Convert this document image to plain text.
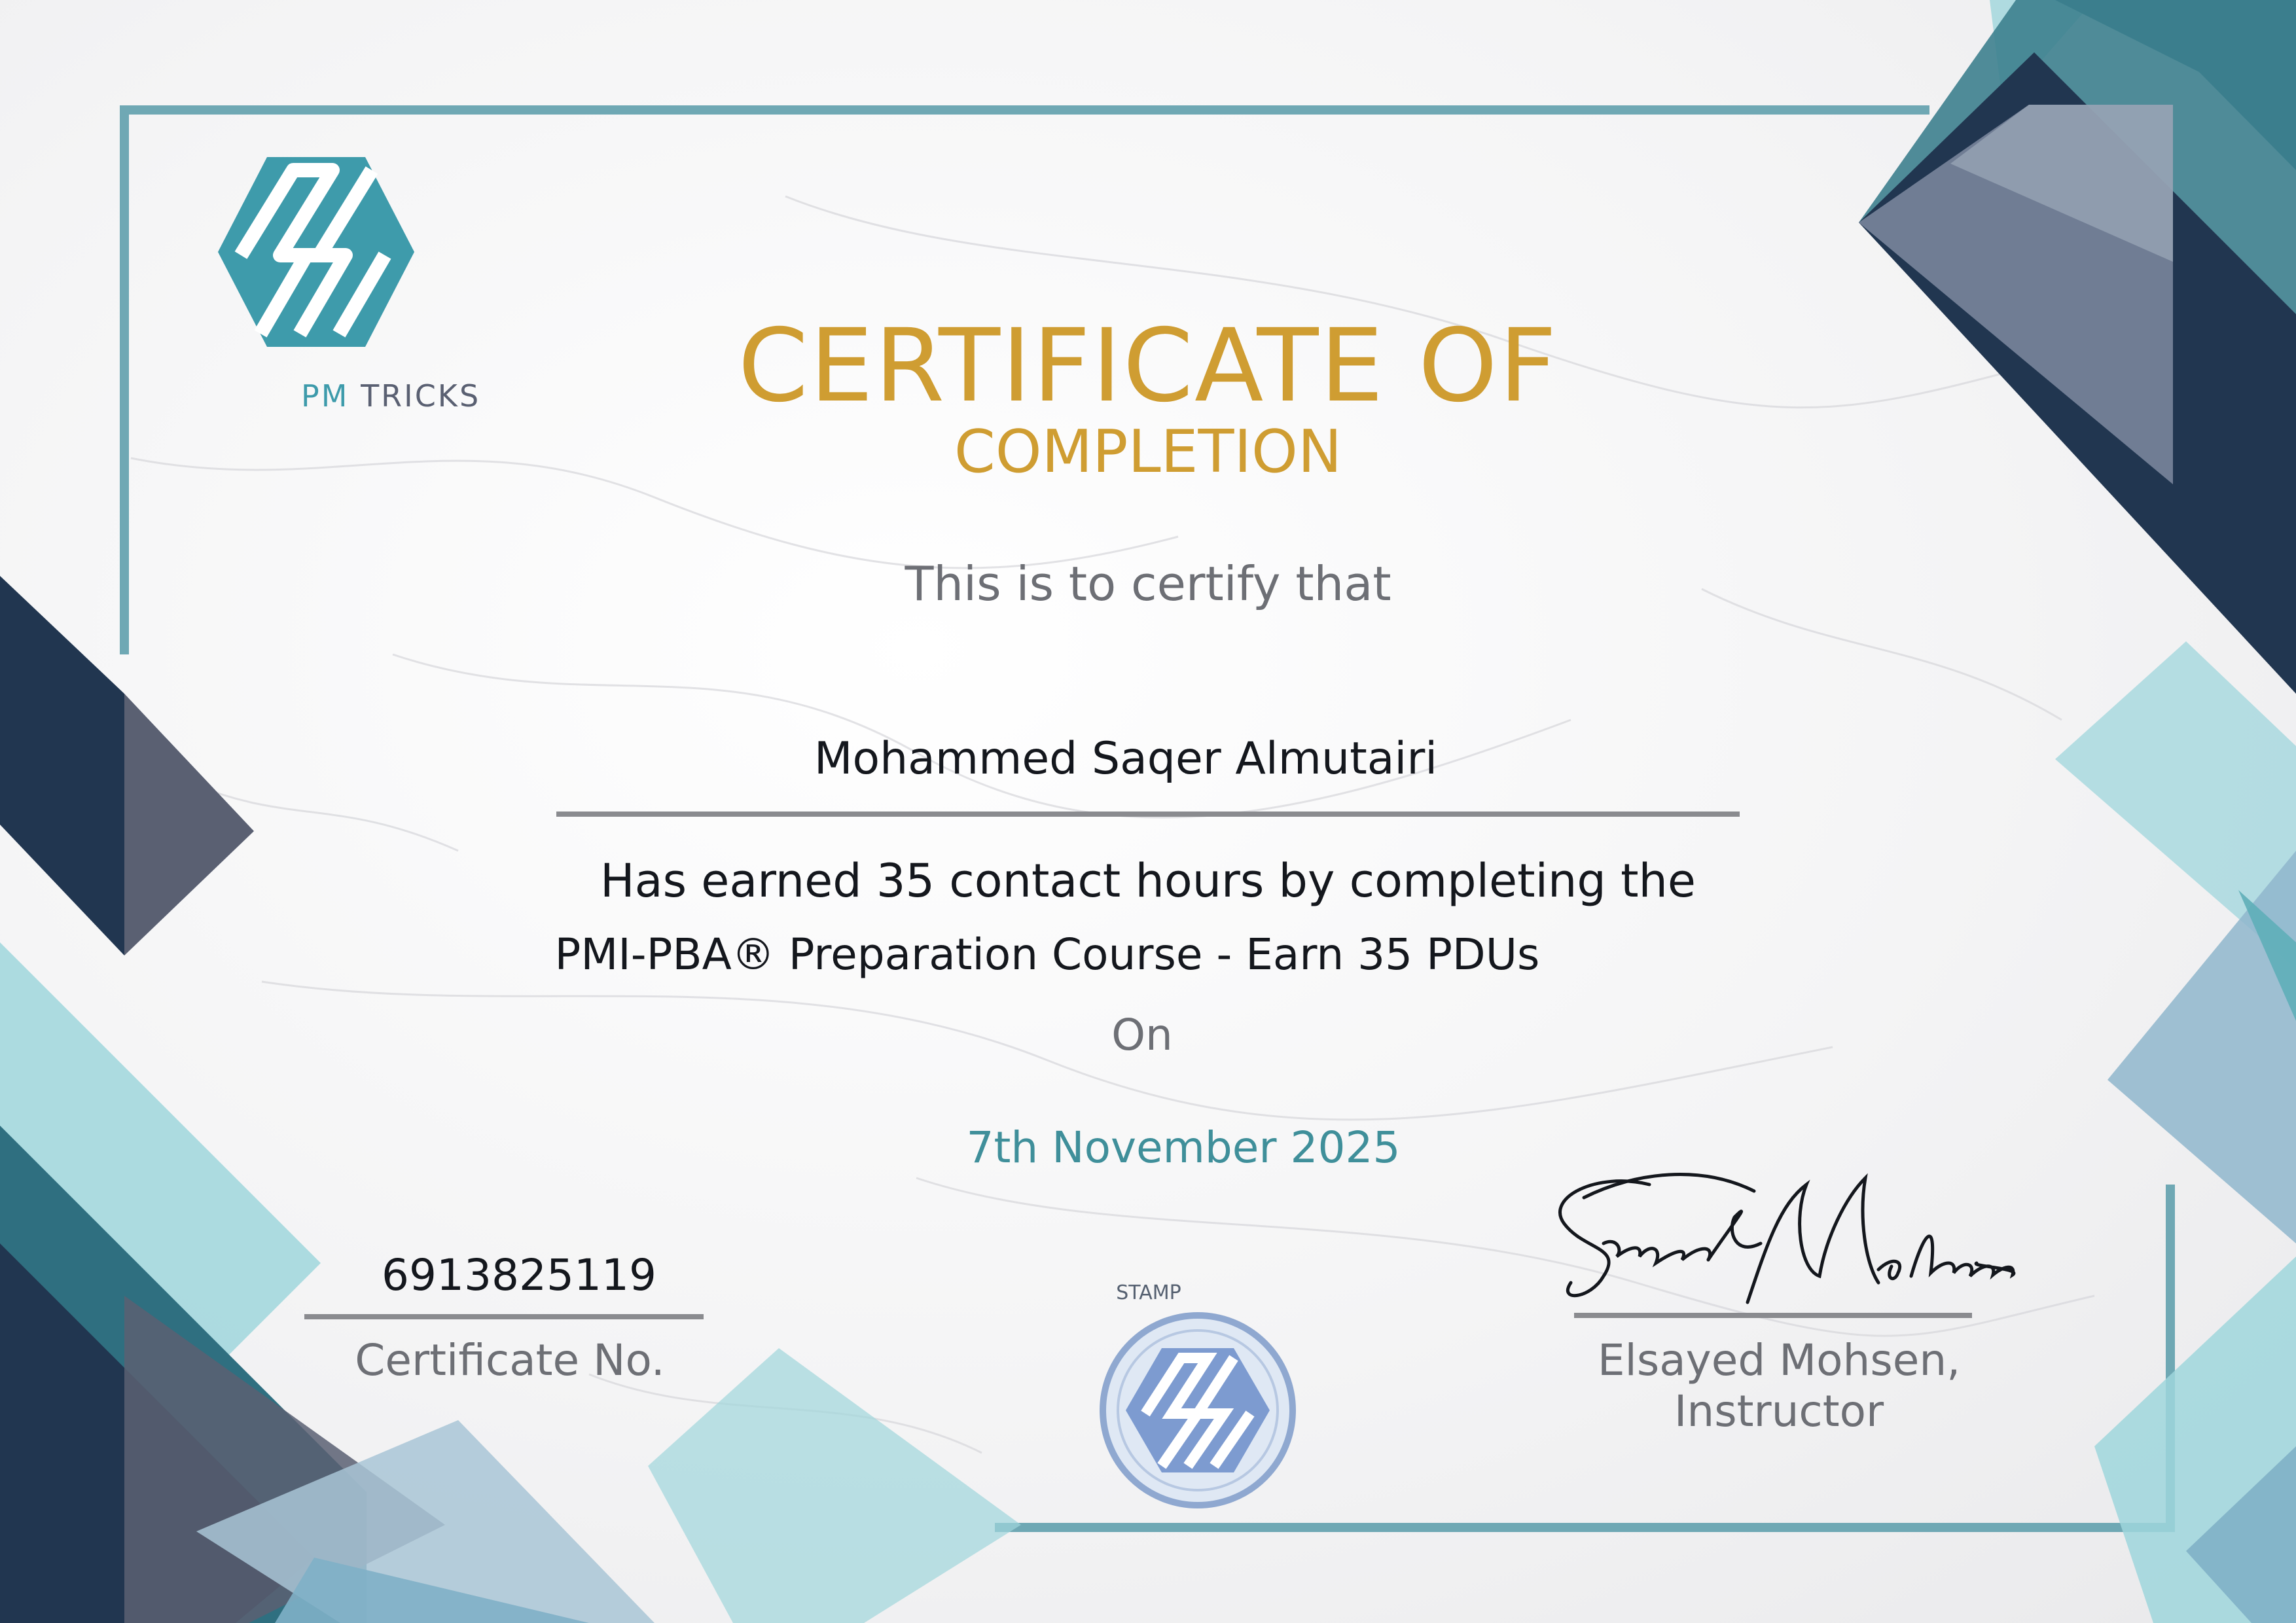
PM TRICKS	CERTIFICATE OF
COMPLETION
This is to certify that
Mohammed Saqer Almutairi
Has earned 35 contact hours by completing the
PMI-PBA® Preparation Course - Earn 35 PDUs
On
7th November 2025
6913825119
Certificate No.
STAMP
Elsayed Mohsen,
Instructor
